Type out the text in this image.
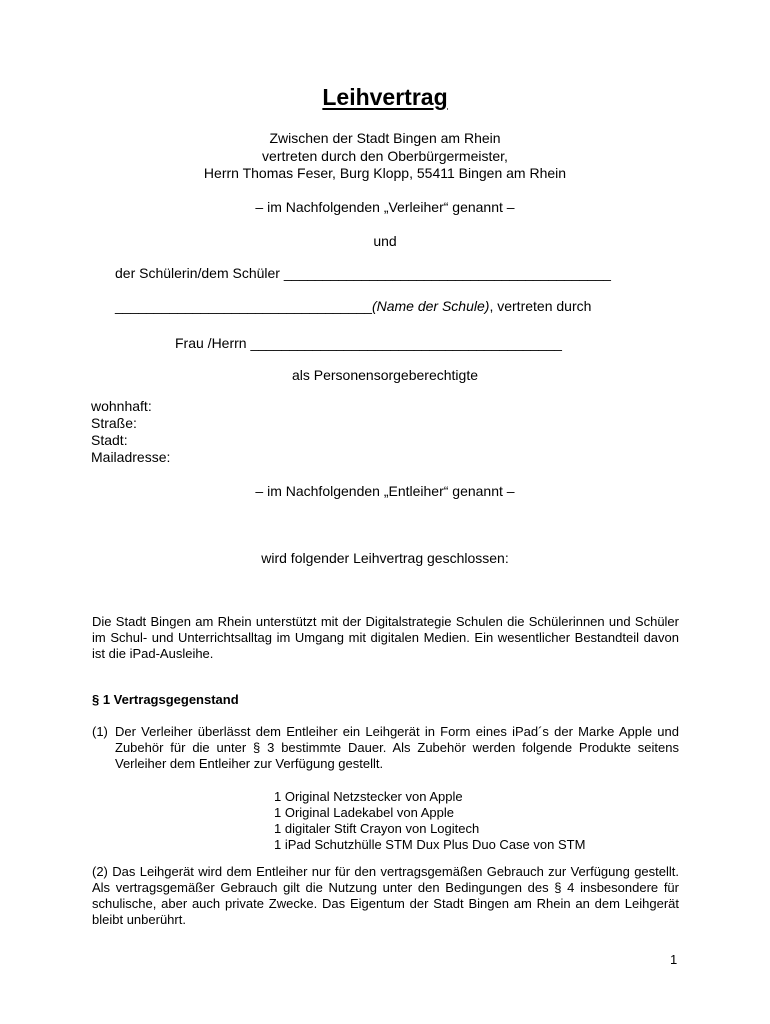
Leihvertrag
Zwischen der Stadt Bingen am Rhein
vertreten durch den Oberbürgermeister,
Herrn Thomas Feser, Burg Klopp, 55411 Bingen am Rhein
– im Nachfolgenden „Verleiher“ genannt –
und
der Schülerin/dem Schüler __________________________________________
_________________________________(Name der Schule), vertreten durch
Frau /Herrn ________________________________________
als Personensorgeberechtigte
wohnhaft:
Straße:
Stadt:
Mailadresse:
– im Nachfolgenden „Entleiher“ genannt –
wird folgender Leihvertrag geschlossen:
Die Stadt Bingen am Rhein unterstützt mit der Digitalstrategie Schulen die Schülerinnen und Schüler im Schul- und Unterrichtsalltag im Umgang mit digitalen Medien. Ein wesentlicher Bestandteil davon ist die iPad-Ausleihe.
§ 1 Vertragsgegenstand
(1) Der Verleiher überlässt dem Entleiher ein Leihgerät in Form eines iPad´s der Marke Apple und Zubehör für die unter § 3 bestimmte Dauer. Als Zubehör werden folgende Produkte seitens Verleiher dem Entleiher zur Verfügung gestellt.
1 Original Netzstecker von Apple
1 Original Ladekabel von Apple
1 digitaler Stift Crayon von Logitech
1 iPad Schutzhülle STM Dux Plus Duo Case von STM
(2) Das Leihgerät wird dem Entleiher nur für den vertragsgemäßen Gebrauch zur Verfügung gestellt. Als vertragsgemäßer Gebrauch gilt die Nutzung unter den Bedingungen des § 4 insbesondere für schulische, aber auch private Zwecke. Das Eigentum der Stadt Bingen am Rhein an dem Leihgerät bleibt unberührt.
1
